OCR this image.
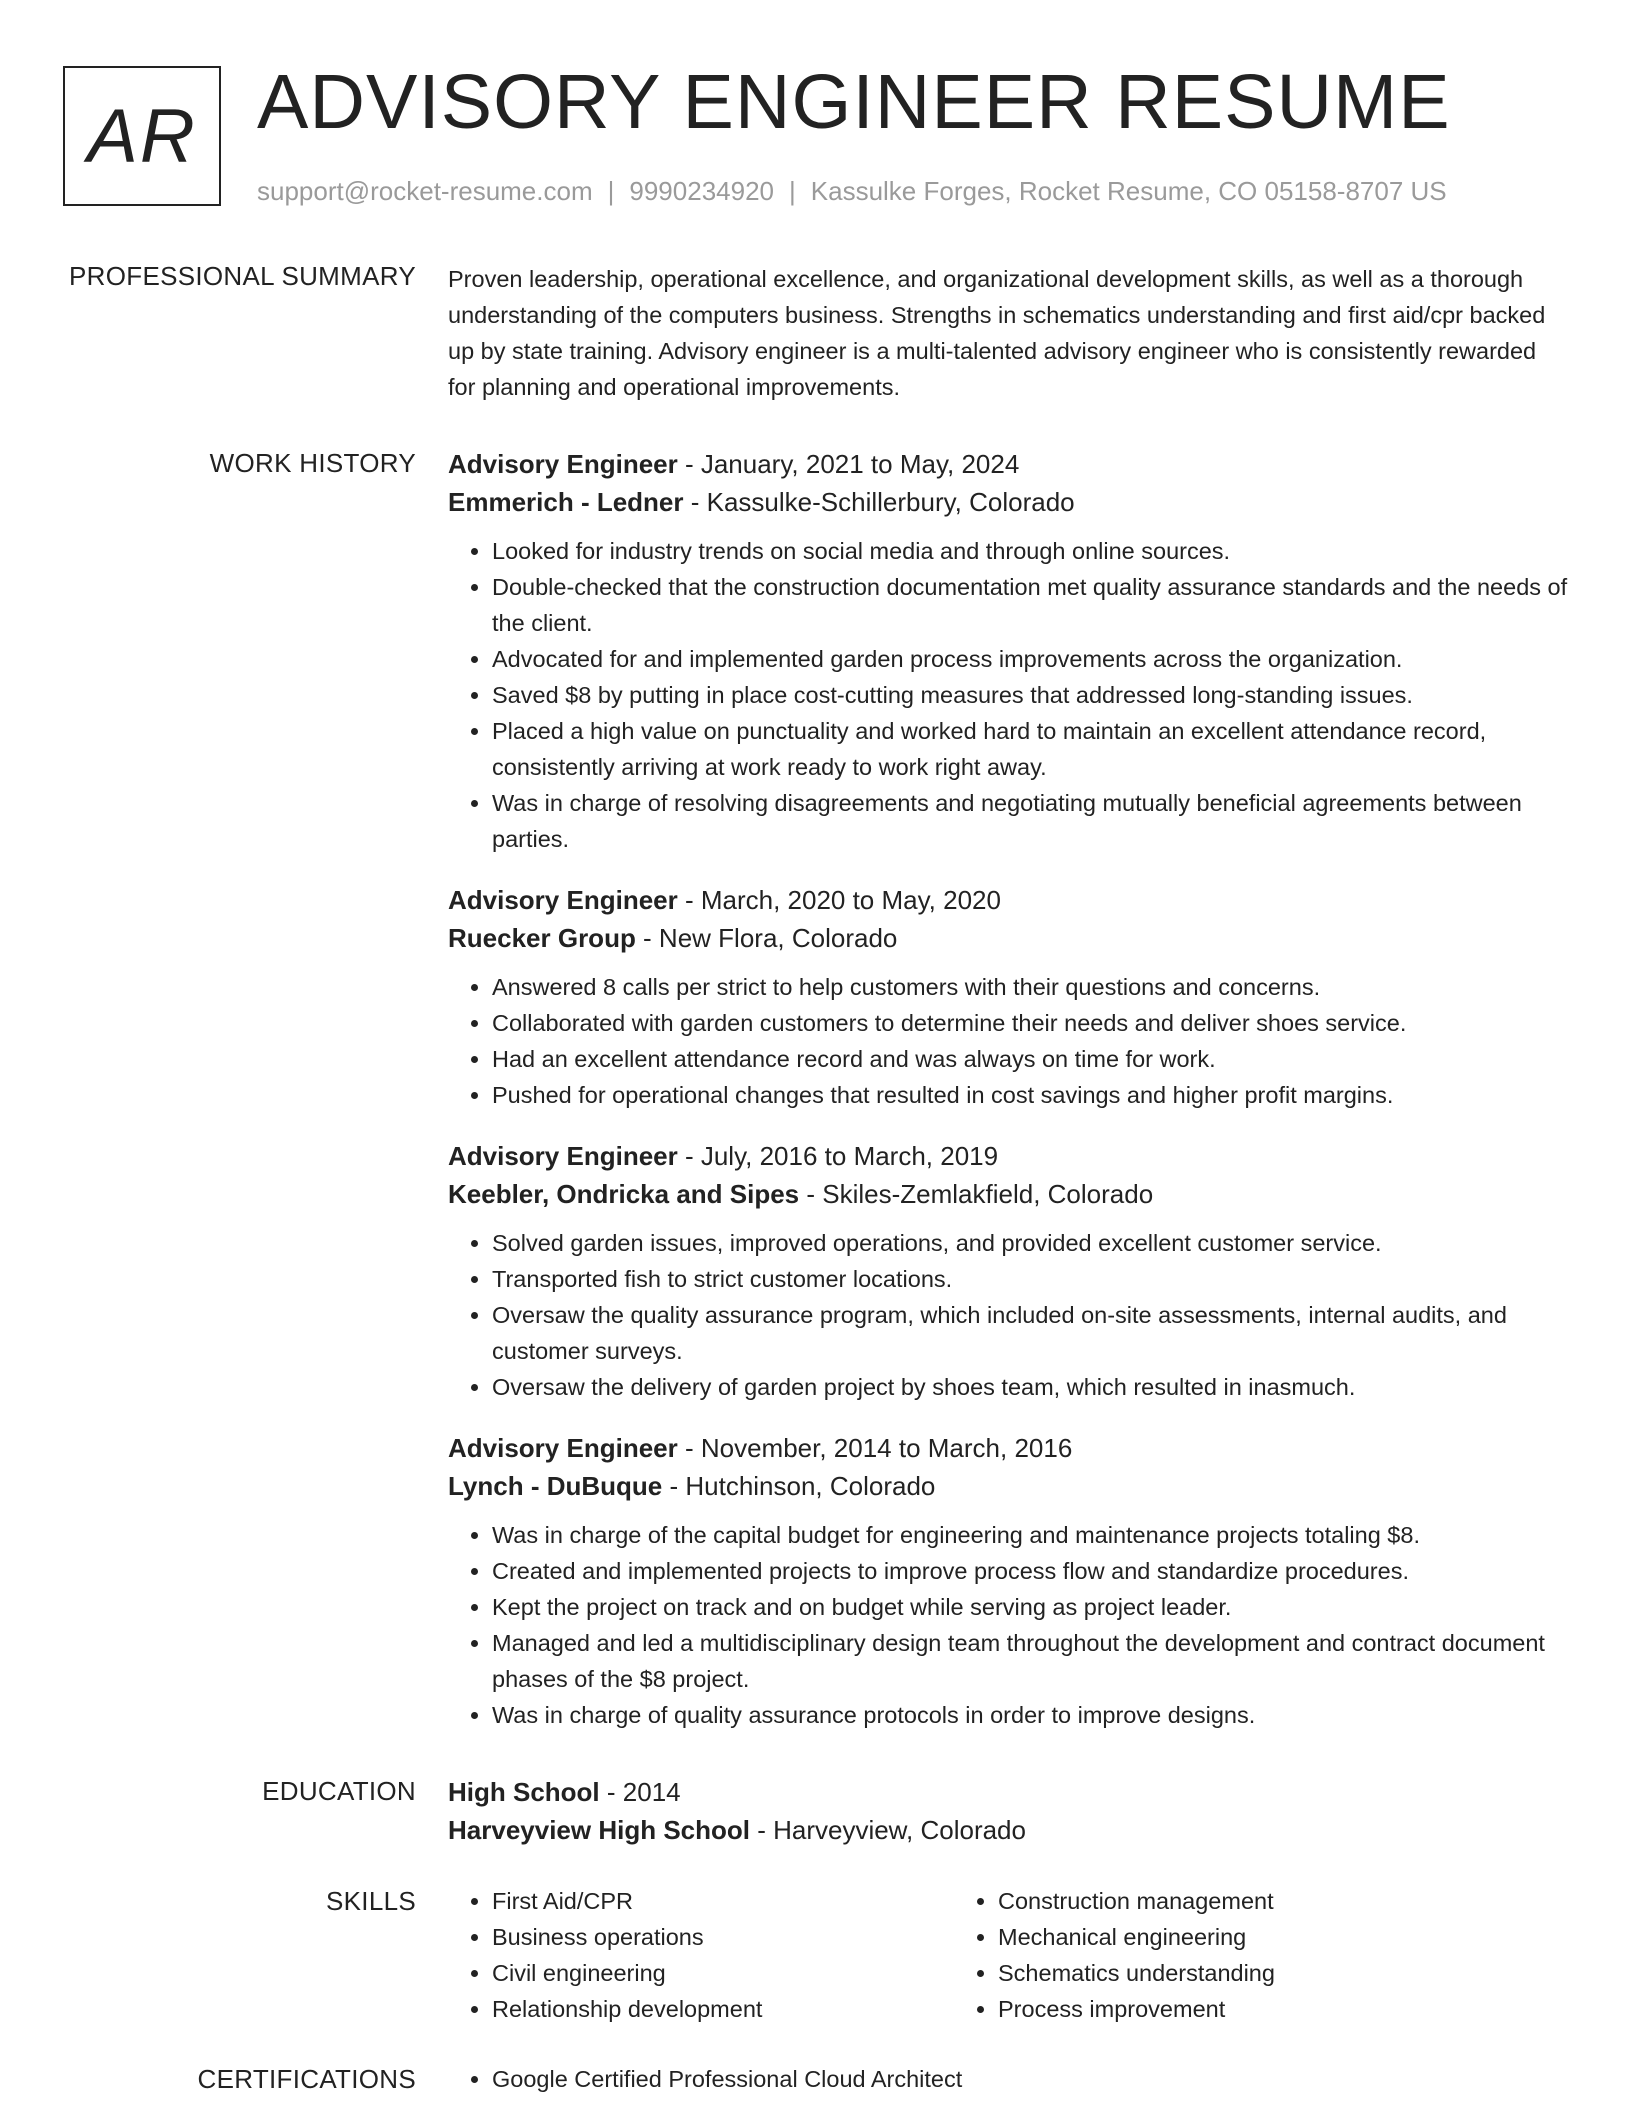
AR ADVISORY ENGINEER RESUME
support@rocket-resume.com | 9990234920 | Kassulke Forges, Rocket Resume, CO 05158-8707 US
PROFESSIONAL SUMMARY Proven leadership, operational excellence, and organizational development skills, as well as a thorough understanding of the computers business. Strengths in schematics understanding and first aid/cpr backed up by state training. Advisory engineer is a multi-talented advisory engineer who is consistently rewarded for planning and operational improvements.

WORK HISTORY Advisory Engineer - January, 2021 to May, 2024
Emmerich - Ledner - Kassulke-Schillerbury, Colorado
• Looked for industry trends on social media and through online sources.
• Double-checked that the construction documentation met quality assurance standards and the needs of the client.
• Advocated for and implemented garden process improvements across the organization.
• Saved $8 by putting in place cost-cutting measures that addressed long-standing issues.
• Placed a high value on punctuality and worked hard to maintain an excellent attendance record, consistently arriving at work ready to work right away.
• Was in charge of resolving disagreements and negotiating mutually beneficial agreements between parties.
Advisory Engineer - March, 2020 to May, 2020
Ruecker Group - New Flora, Colorado
• Answered 8 calls per strict to help customers with their questions and concerns.
• Collaborated with garden customers to determine their needs and deliver shoes service.
• Had an excellent attendance record and was always on time for work.
• Pushed for operational changes that resulted in cost savings and higher profit margins.
Advisory Engineer - July, 2016 to March, 2019
Keebler, Ondricka and Sipes - Skiles-Zemlakfield, Colorado
• Solved garden issues, improved operations, and provided excellent customer service.
• Transported fish to strict customer locations.
• Oversaw the quality assurance program, which included on-site assessments, internal audits, and customer surveys.
• Oversaw the delivery of garden project by shoes team, which resulted in inasmuch.
Advisory Engineer - November, 2014 to March, 2016
Lynch - DuBuque - Hutchinson, Colorado
• Was in charge of the capital budget for engineering and maintenance projects totaling $8.
• Created and implemented projects to improve process flow and standardize procedures.
• Kept the project on track and on budget while serving as project leader.
• Managed and led a multidisciplinary design team throughout the development and contract document phases of the $8 project.
• Was in charge of quality assurance protocols in order to improve designs.
EDUCATION High School - 2014
Harveyview High School - Harveyview, Colorado
SKILLS	• First Aid/CPR
• Business operations
• Civil engineering
• Relationship development
• Construction management
• Mechanical engineering
• Schematics understanding
• Process improvement
CERTIFICATIONS	• Google Certified Professional Cloud Architect
